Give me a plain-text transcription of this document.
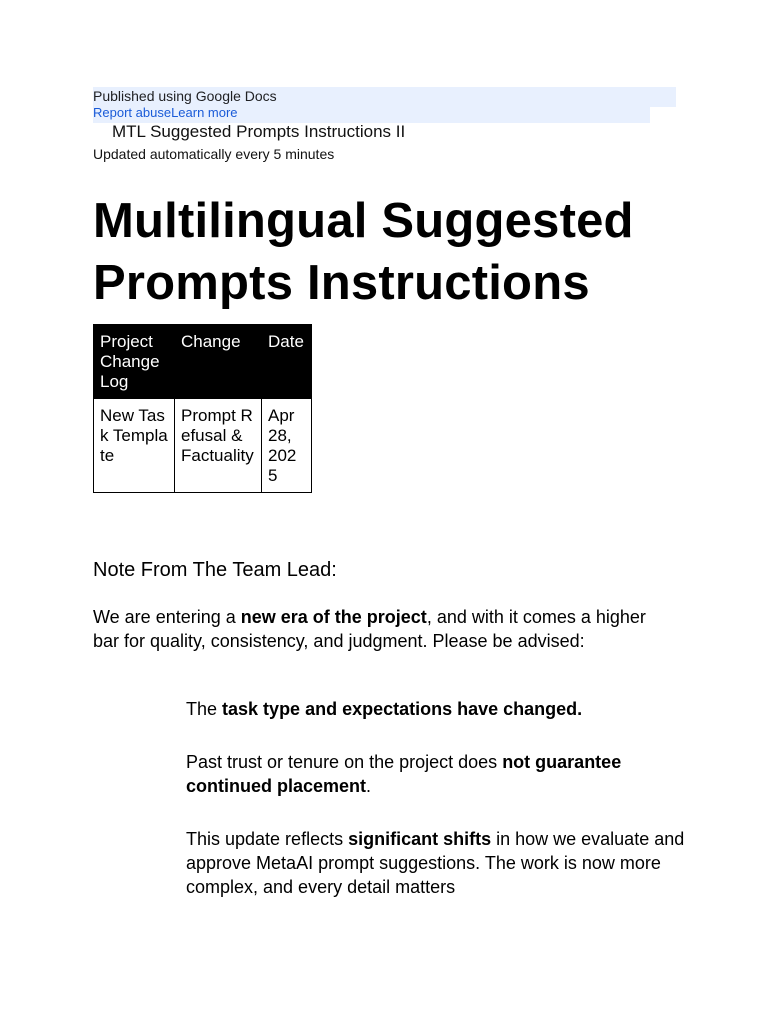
Published using Google Docs
Report abuseLearn more
MTL Suggested Prompts Instructions II
Updated automatically every 5 minutes
Multilingual Suggested Prompts Instructions
Project Change Log	Change	Date
New Task Template	Prompt Refusal & Factuality	Apr 28, 2025
Note From The Team Lead:

We are entering a new era of the project, and with it comes a higher bar for quality, consistency, and judgment. Please be advised:

The task type and expectations have changed.

Past trust or tenure on the project does not guarantee continued placement.

This update reflects significant shifts in how we evaluate and approve MetaAI prompt suggestions. The work is now more complex, and every detail matters
